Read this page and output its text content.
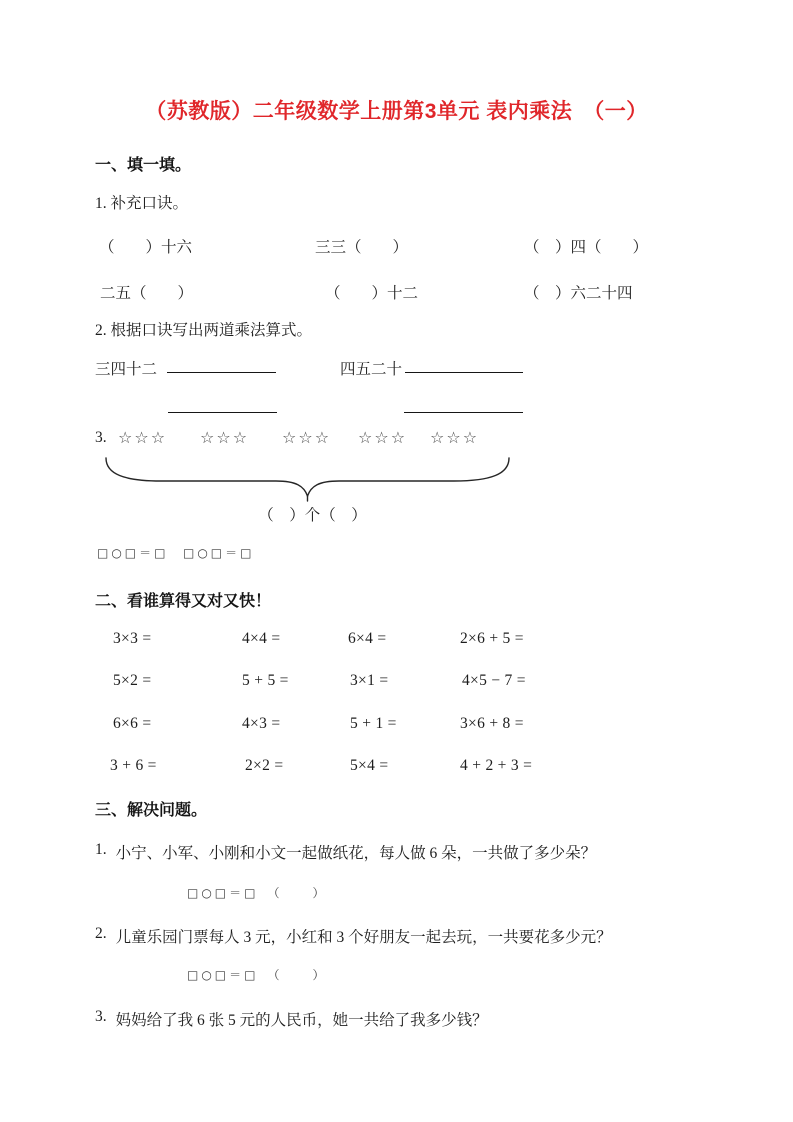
（苏教版）二年级数学上册第3单元 表内乘法　（一）
一、填一填。
1. 补充口诀。
（　　）十六	三三（　　）	（　）四（　　）
二五（　　）	（　　）十二	（　）六二十四
2. 根据口诀写出两道乘法算式。
三四十二	四五二十
3. ☆☆☆ ☆☆☆ ☆☆☆ ☆☆☆ ☆☆☆
（　）个（　）
□○□＝□ □○□＝□
二、看谁算得又对又快！
3×3 =	4×4 =	6×4 =	2×6 + 5 =
5×2 =	5 + 5 =	3×1 =	4×5 − 7 =
6×6 =	4×3 =	5 + 1 =	3×6 + 8 =
3 + 6 =	2×2 =	5×4 =	4 + 2 + 3 =
三、解决问题。
1. 小宁、小军、小刚和小文一起做纸花，每人做 6 朵，一共做了多少朵？
□○□＝□　（　　）
2. 儿童乐园门票每人 3 元，小红和 3 个好朋友一起去玩，一共要花多少元？
□○□＝□　（　　）
3. 妈妈给了我 6 张 5 元的人民币，她一共给了我多少钱？
